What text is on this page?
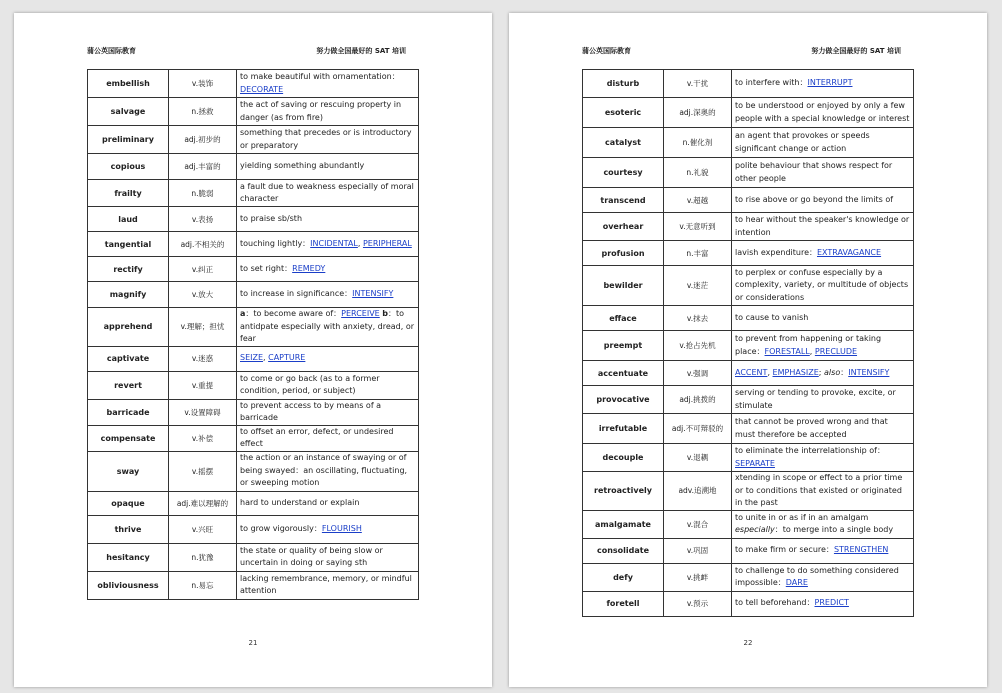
蒲公英国际教育	努力做全国最好的 SAT 培训
embellish	v.装饰	to make beautiful with ornamentation：DECORATE
salvage	n.拯救	the act of saving or rescuing property in danger (as from fire)
preliminary	adj.初步的	something that precedes or is introductory or preparatory
copious	adj.丰富的	yielding something abundantly
frailty	n.脆弱	a fault due to weakness especially of moral character
laud	v.表扬	to praise sb/sth
tangential	adj.不相关的	touching lightly：INCIDENTAL, PERIPHERAL
rectify	v.纠正	to set right：REMEDY
magnify	v.放大	to increase in significance：INTENSIFY
apprehend	v.理解；担忧	a：to become aware of：PERCEIVE b：to antidpate especially with anxiety, dread, or fear
captivate	v.迷惑	SEIZE, CAPTURE
revert	v.重提	to come or go back (as to a former condition, period, or subject)
barricade	v.设置障碍	to prevent access to by means of a barricade
compensate	v.补偿	to offset an error, defect, or undesired effect
sway	v.摇摆	the action or an instance of swaying or of being swayed：an oscillating, fluctuating, or sweeping motion
opaque	adj.难以理解的	hard to understand or explain
thrive	v.兴旺	to grow vigorously：FLOURISH
hesitancy	n.犹豫	the state or quality of being slow or uncertain in doing or saying sth
obliviousness	n.易忘	lacking remembrance, memory, or mindful attention
21
蒲公英国际教育	努力做全国最好的 SAT 培训
disturb	v.干扰	to interfere with：INTERRUPT
esoteric	adj.深奥的	to be understood or enjoyed by only a few people with a special knowledge or interest
catalyst	n.催化剂	an agent that provokes or speeds significant change or action
courtesy	n.礼貌	polite behaviour that shows respect for other people
transcend	v.超越	to rise above or go beyond the limits of
overhear	v.无意听到	to hear without the speaker's knowledge or intention
profusion	n.丰富	lavish expenditure：EXTRAVAGANCE
bewilder	v.迷茫	to perplex or confuse especially by a complexity, variety, or multitude of objects or considerations
efface	v.抹去	to cause to vanish
preempt	v.抢占先机	to prevent from happening or taking place：FORESTALL, PRECLUDE
accentuate	v.强调	ACCENT, EMPHASIZE; also：INTENSIFY
provocative	adj.挑拨的	serving or tending to provoke, excite, or stimulate
irrefutable	adj.不可辩驳的	that cannot be proved wrong and that must therefore be accepted
decouple	v.退耦	to eliminate the interrelationship of：SEPARATE
retroactively	adv.追溯地	xtending in scope or effect to a prior time or to conditions that existed or originated in the past
amalgamate	v.混合	to unite in or as if in an amalgam especially：to merge into a single body
consolidate	v.巩固	to make firm or secure：STRENGTHEN
defy	v.挑衅	to challenge to do something considered impossible：DARE
foretell	v.预示	to tell beforehand：PREDICT
22
